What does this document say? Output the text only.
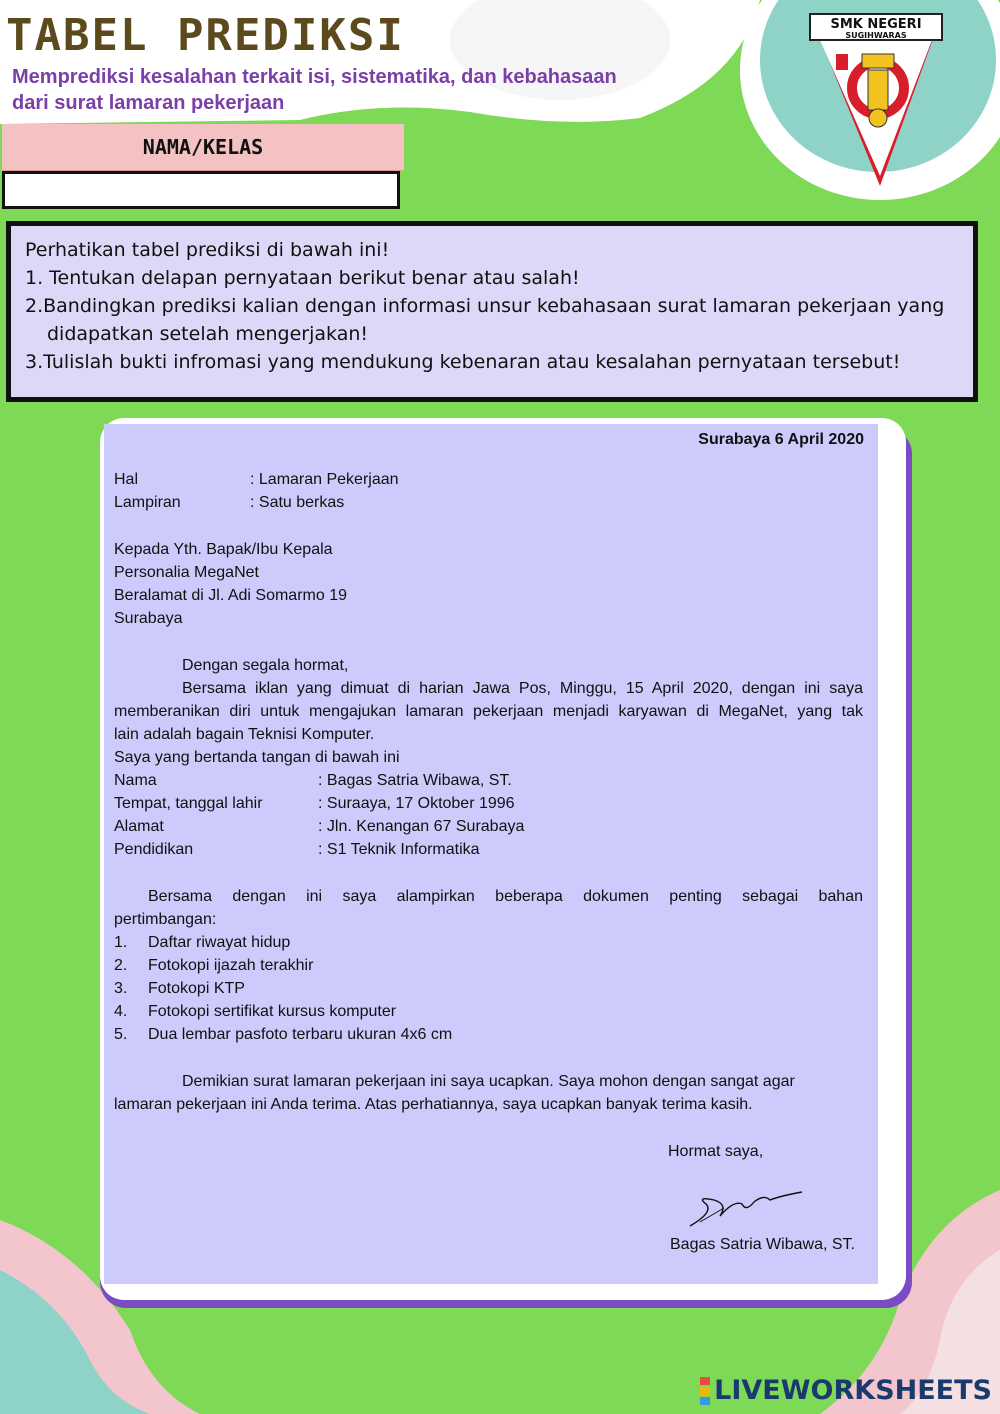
TABEL PREDIKSI
Memprediksi kesalahan terkait isi, sistematika, dan kebahasaan
dari surat lamaran pekerjaan
SMK NEGERI
SUGIHWARAS
NAMA/KELAS

Perhatikan tabel prediksi di bawah ini!

1. Tentukan delapan pernyataan berikut benar atau salah!

2.Bandingkan prediksi kalian dengan informasi unsur kebahasaan surat lamaran pekerjaan yang didapatkan setelah mengerjakan!

3.Tulislah bukti infromasi yang mendukung kebenaran atau kesalahan pernyataan tersebut!

Surabaya 6 April 2020
Hal	: Lamaran Pekerjaan
Lampiran	: Satu berkas
Kepada Yth. Bapak/Ibu Kepala
Personalia MegaNet
Beralamat di Jl. Adi Somarmo 19
Surabaya
Dengan segala hormat,
Bersama iklan yang dimuat di harian Jawa Pos, Minggu, 15 April 2020, dengan ini saya
memberanikan diri untuk mengajukan lamaran pekerjaan menjadi karyawan di MegaNet, yang tak
lain adalah bagain Teknisi Komputer.
Saya yang bertanda tangan di bawah ini
Nama	: Bagas Satria Wibawa, ST.
Tempat, tanggal lahir	: Suraaya, 17 Oktober 1996
Alamat	: Jln. Kenangan 67 Surabaya
Pendidikan	: S1 Teknik Informatika
Bersama dengan ini saya alampirkan beberapa dokumen penting sebagai bahan
pertimbangan:
1. Daftar riwayat hidup
2. Fotokopi ijazah terakhir
3. Fotokopi KTP
4. Fotokopi sertifikat kursus komputer
5. Dua lembar pasfoto terbaru ukuran 4x6 cm
Demikian surat lamaran pekerjaan ini saya ucapkan. Saya mohon dengan sangat agar
lamaran pekerjaan ini Anda terima. Atas perhatiannya, saya ucapkan banyak terima kasih.
Hormat saya,
Bagas Satria Wibawa, ST.
LIVEWORKSHEETS
